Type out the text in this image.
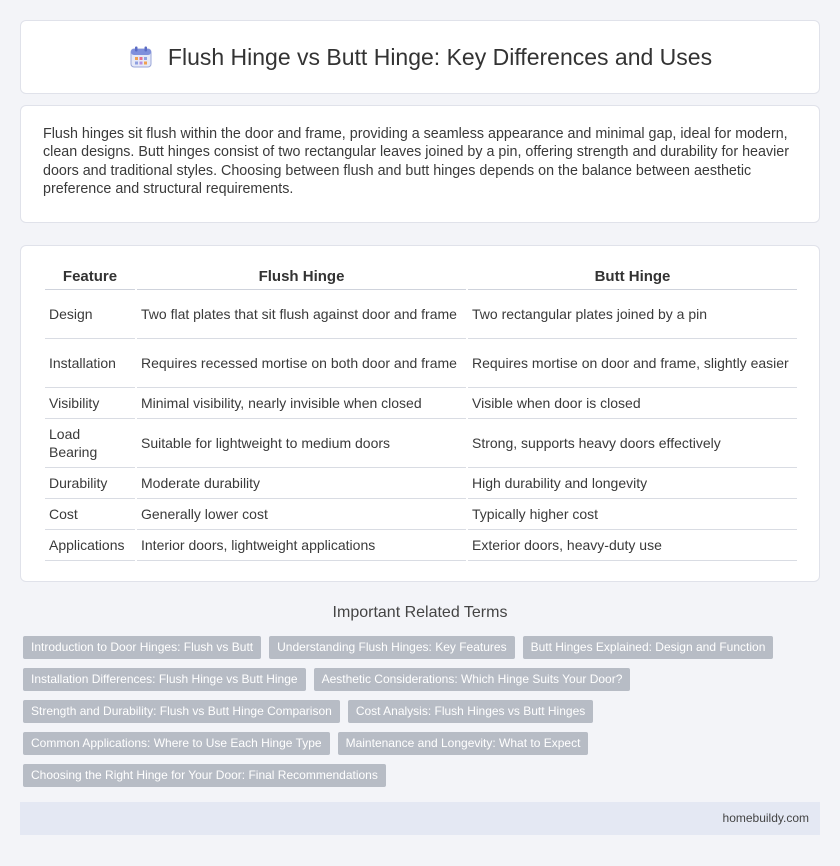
Flush Hinge vs Butt Hinge: Key Differences and Uses

Flush hinges sit flush within the door and frame, providing a seamless appearance and minimal gap, ideal for modern, clean designs. Butt hinges consist of two rectangular leaves joined by a pin, offering strength and durability for heavier doors and traditional styles. Choosing between flush and butt hinges depends on the balance between aesthetic preference and structural requirements.

Feature	Flush Hinge	Butt Hinge
Design	Two flat plates that sit flush against door and frame	Two rectangular plates joined by a pin
Installation	Requires recessed mortise on both door and frame	Requires mortise on door and frame, slightly easier
Visibility	Minimal visibility, nearly invisible when closed	Visible when door is closed
Load Bearing	Suitable for lightweight to medium doors	Strong, supports heavy doors effectively
Durability	Moderate durability	High durability and longevity
Cost	Generally lower cost	Typically higher cost
Applications	Interior doors, lightweight applications	Exterior doors, heavy-duty use
Important Related Terms
Introduction to Door Hinges: Flush vs Butt	Understanding Flush Hinges: Key Features	Butt Hinges Explained: Design and Function
Installation Differences: Flush Hinge vs Butt Hinge	Aesthetic Considerations: Which Hinge Suits Your Door?
Strength and Durability: Flush vs Butt Hinge Comparison	Cost Analysis: Flush Hinges vs Butt Hinges
Common Applications: Where to Use Each Hinge Type	Maintenance and Longevity: What to Expect
Choosing the Right Hinge for Your Door: Final Recommendations
homebuildy.com
